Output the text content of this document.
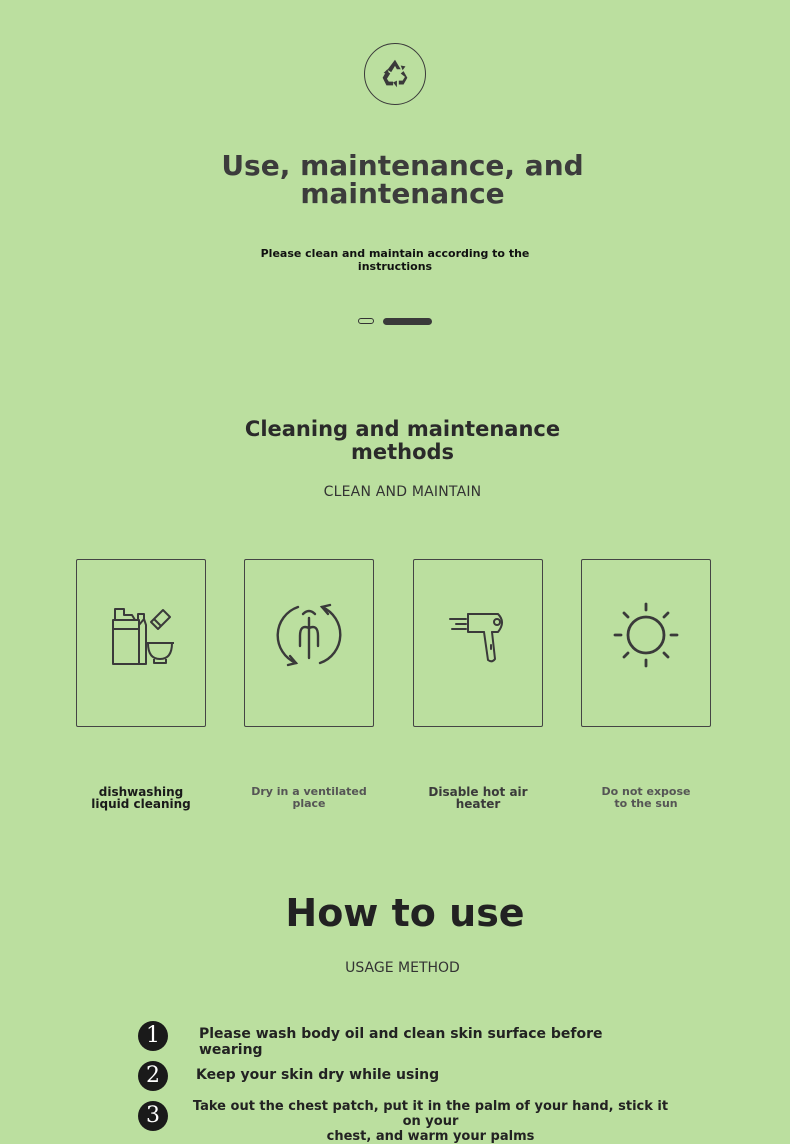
Use, maintenance, and
maintenance
Please clean and maintain according to the
instructions
Cleaning and maintenance
methods
CLEAN AND MAINTAIN
dishwashing
liquid cleaning
Dry in a ventilated
place
Disable hot air
heater
Do not expose
to the sun
How to use
USAGE METHOD
1	Please wash body oil and clean skin surface before wearing
2	Keep your skin dry while using
3	Take out the chest patch, put it in the palm of your hand, stick it on your
chest, and warm your palms
